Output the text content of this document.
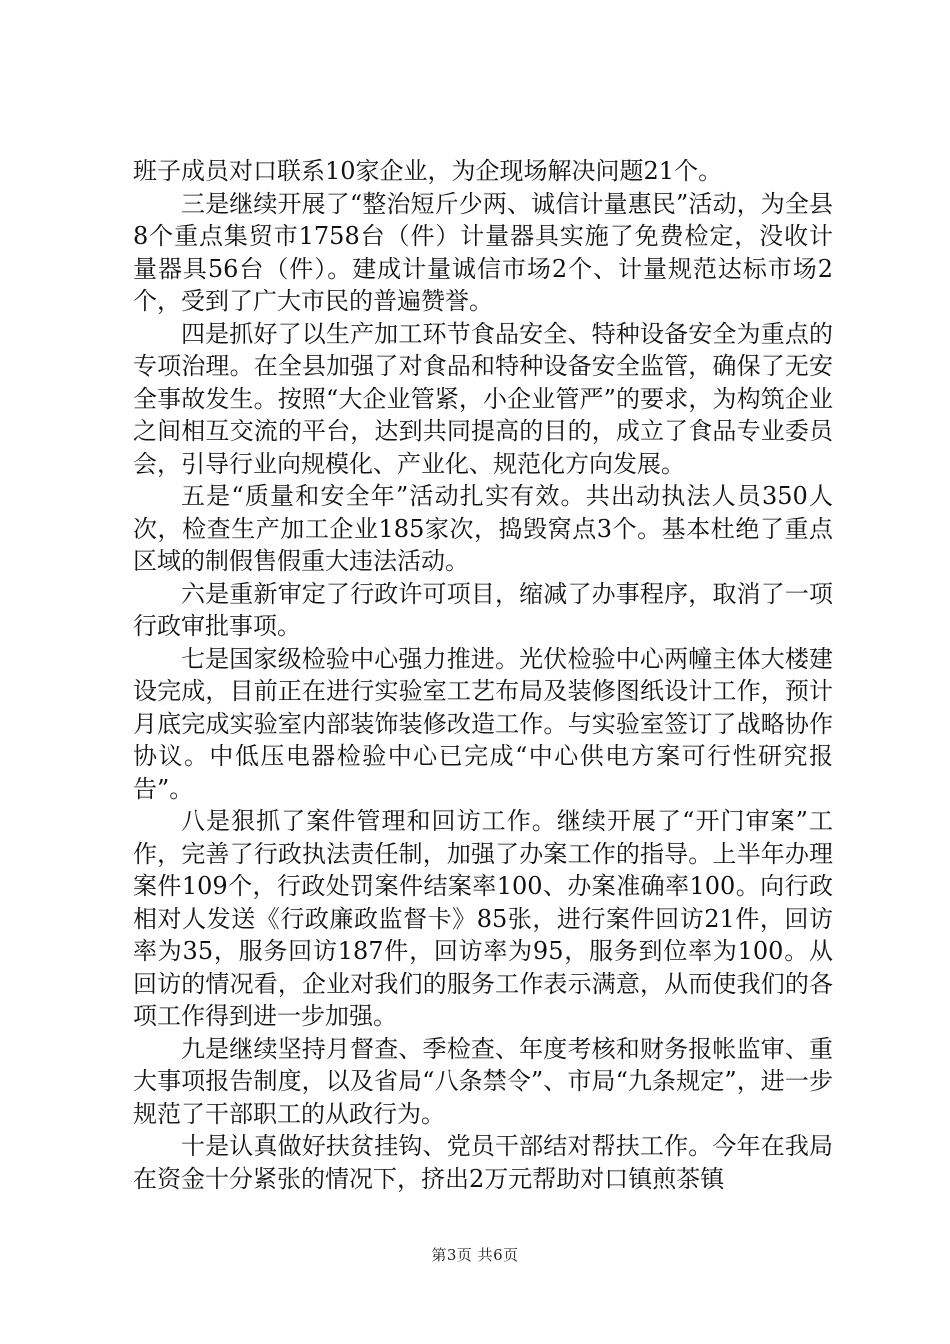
班子成员对口联系10家企业，为企现场解决问题21个。

三是继续开展了“整治短斤少两、诚信计量惠民”活动，为全县8个重点集贸市1758台（件）计量器具实施了免费检定，没收计量器具56台（件）。建成计量诚信市场2个、计量规范达标市场2个，受到了广大市民的普遍赞誉。

四是抓好了以生产加工环节食品安全、特种设备安全为重点的专项治理。在全县加强了对食品和特种设备安全监管，确保了无安全事故发生。按照“大企业管紧，小企业管严”的要求，为构筑企业之间相互交流的平台，达到共同提高的目的，成立了食品专业委员会，引导行业向规模化、产业化、规范化方向发展。

五是“质量和安全年”活动扎实有效。共出动执法人员350人次，检查生产加工企业185家次，捣毁窝点3个。基本杜绝了重点区域的制假售假重大违法活动。

六是重新审定了行政许可项目，缩减了办事程序，取消了一项行政审批事项。

七是国家级检验中心强力推进。光伏检验中心两幢主体大楼建设完成，目前正在进行实验室工艺布局及装修图纸设计工作，预计月底完成实验室内部装饰装修改造工作。与实验室签订了战略协作协议。中低压电器检验中心已完成“中心供电方案可行性研究报告”。

八是狠抓了案件管理和回访工作。继续开展了“开门审案”工作，完善了行政执法责任制，加强了办案工作的指导。上半年办理案件109个，行政处罚案件结案率100、办案准确率100。向行政相对人发送《行政廉政监督卡》85张，进行案件回访21件，回访率为35，服务回访187件，回访率为95，服务到位率为100。从回访的情况看，企业对我们的服务工作表示满意，从而使我们的各项工作得到进一步加强。

九是继续坚持月督查、季检查、年度考核和财务报帐监审、重大事项报告制度，以及省局“八条禁令”、市局“九条规定”，进一步规范了干部职工的从政行为。

十是认真做好扶贫挂钩、党员干部结对帮扶工作。今年在我局在资金十分紧张的情况下，挤出2万元帮助对口镇煎茶镇

第3页 共6页
